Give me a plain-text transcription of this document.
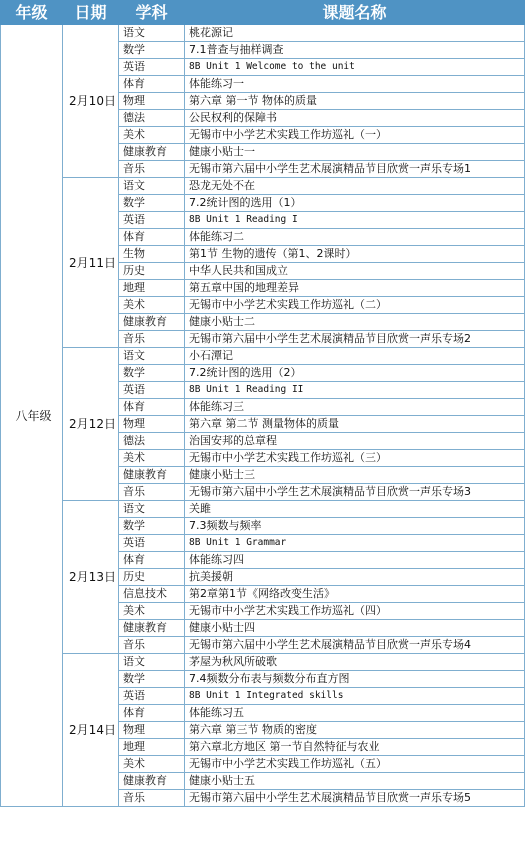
年级	日期	学科	课题名称
八年级	2月10日	语文	桃花源记
		数学	7.1普查与抽样调查
		英语	8B Unit 1 Welcome to the unit
		体育	体能练习一
		物理	第六章 第一节 物体的质量
		德法	公民权利的保障书
		美术	无锡市中小学艺术实践工作坊巡礼（一）
		健康教育	健康小贴士一
		音乐	无锡市第六届中小学生艺术展演精品节目欣赏一声乐专场1
	2月11日	语文	恐龙无处不在
		数学	7.2统计图的选用（1）
		英语	8B Unit 1 Reading I
		体育	体能练习二
		生物	第1节 生物的遗传（第1、2课时）
		历史	中华人民共和国成立
		地理	第五章中国的地理差异
		美术	无锡市中小学艺术实践工作坊巡礼（二）
		健康教育	健康小贴士二
		音乐	无锡市第六届中小学生艺术展演精品节目欣赏一声乐专场2
	2月12日	语文	小石潭记
		数学	7.2统计图的选用（2）
		英语	8B Unit 1 Reading II
		体育	体能练习三
		物理	第六章 第二节 测量物体的质量
		德法	治国安邦的总章程
		美术	无锡市中小学艺术实践工作坊巡礼（三）
		健康教育	健康小贴士三
		音乐	无锡市第六届中小学生艺术展演精品节目欣赏一声乐专场3
	2月13日	语文	关雎
		数学	7.3频数与频率
		英语	8B Unit 1 Grammar
		体育	体能练习四
		历史	抗美援朝
		信息技术	第2章第1节《网络改变生活》
		美术	无锡市中小学艺术实践工作坊巡礼（四）
		健康教育	健康小贴士四
		音乐	无锡市第六届中小学生艺术展演精品节目欣赏一声乐专场4
	2月14日	语文	茅屋为秋风所破歌
		数学	7.4频数分布表与频数分布直方图
		英语	8B Unit 1 Integrated skills
		体育	体能练习五
		物理	第六章 第三节 物质的密度
		地理	第六章北方地区 第一节自然特征与农业
		美术	无锡市中小学艺术实践工作坊巡礼（五）
		健康教育	健康小贴士五
		音乐	无锡市第六届中小学生艺术展演精品节目欣赏一声乐专场5
